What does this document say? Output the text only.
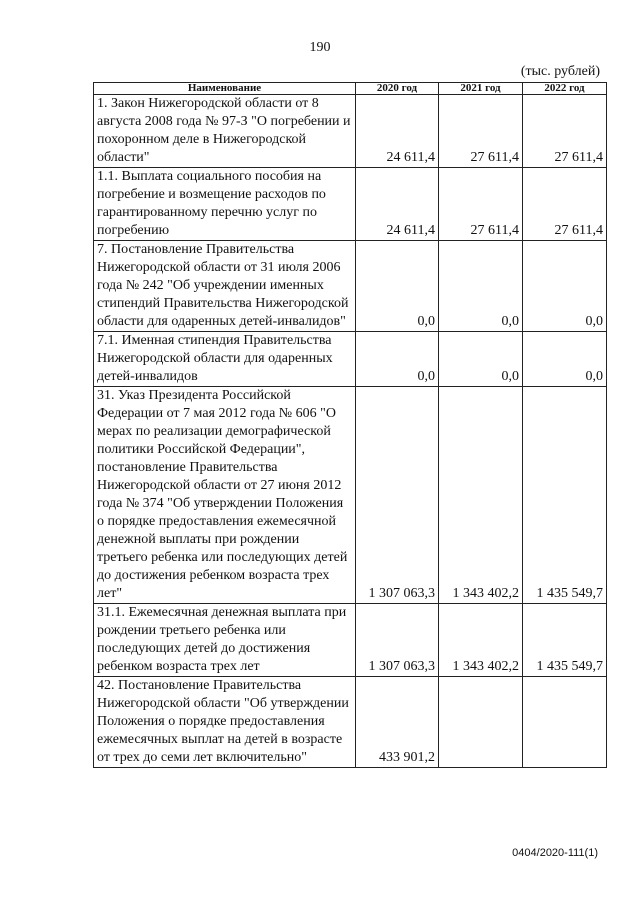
190
(тыс. рублей)
Наименование	2020 год	2021 год	2022 год
1. Закон Нижегородской области от 8 августа 2008 года № 97-З "О погребении и похоронном деле в Нижегородской области"	24 611,4	27 611,4	27 611,4
1.1. Выплата социального пособия на погребение и возмещение расходов по гарантированному перечню услуг по погребению	24 611,4	27 611,4	27 611,4
7. Постановление Правительства Нижегородской области от 31 июля 2006 года № 242 "Об учреждении именных стипендий Правительства Нижегородской области для одаренных детей-инвалидов"	0,0	0,0	0,0
7.1. Именная стипендия Правительства Нижегородской области для одаренных детей-инвалидов	0,0	0,0	0,0
31. Указ Президента Российской Федерации от 7 мая 2012 года № 606 "О мерах по реализации демографической политики Российской Федерации", постановление Правительства Нижегородской области от 27 июня 2012 года № 374 "Об утверждении Положения о порядке предоставления ежемесячной денежной выплаты при рождении третьего ребенка или последующих детей до достижения ребенком возраста трех лет"	1 307 063,3	1 343 402,2	1 435 549,7
31.1. Ежемесячная денежная выплата при рождении третьего ребенка или последующих детей до достижения ребенком возраста трех лет	1 307 063,3	1 343 402,2	1 435 549,7
42. Постановление Правительства Нижегородской области "Об утверждении Положения о порядке предоставления ежемесячных выплат на детей в возрасте от трех до семи лет включительно"	433 901,2		
0404/2020-111(1)
